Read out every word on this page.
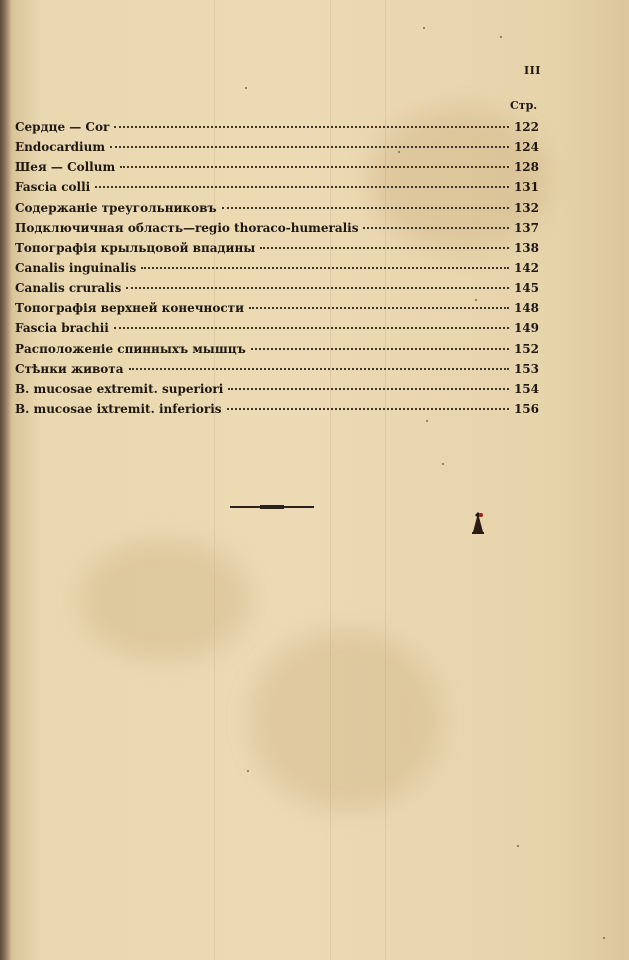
III
Стр.
Сердце — Cor	122
Endocardium	124
Шея — Collum	128
Fascia colli	131
Содержаніе треугольниковъ	132
Подключичная область—regio thoraco-humeralis	137
Топографія крыльцовой впадины	138
Canalis inguinalis	142
Canalis cruralis	145
Топографія верхней конечности	148
Fascia brachii	149
Расположеніе спинныхъ мышцъ	152
Стѣнки живота	153
B. mucosae extremit. superiori	154
B. mucosae ixtremit. inferioris	156
